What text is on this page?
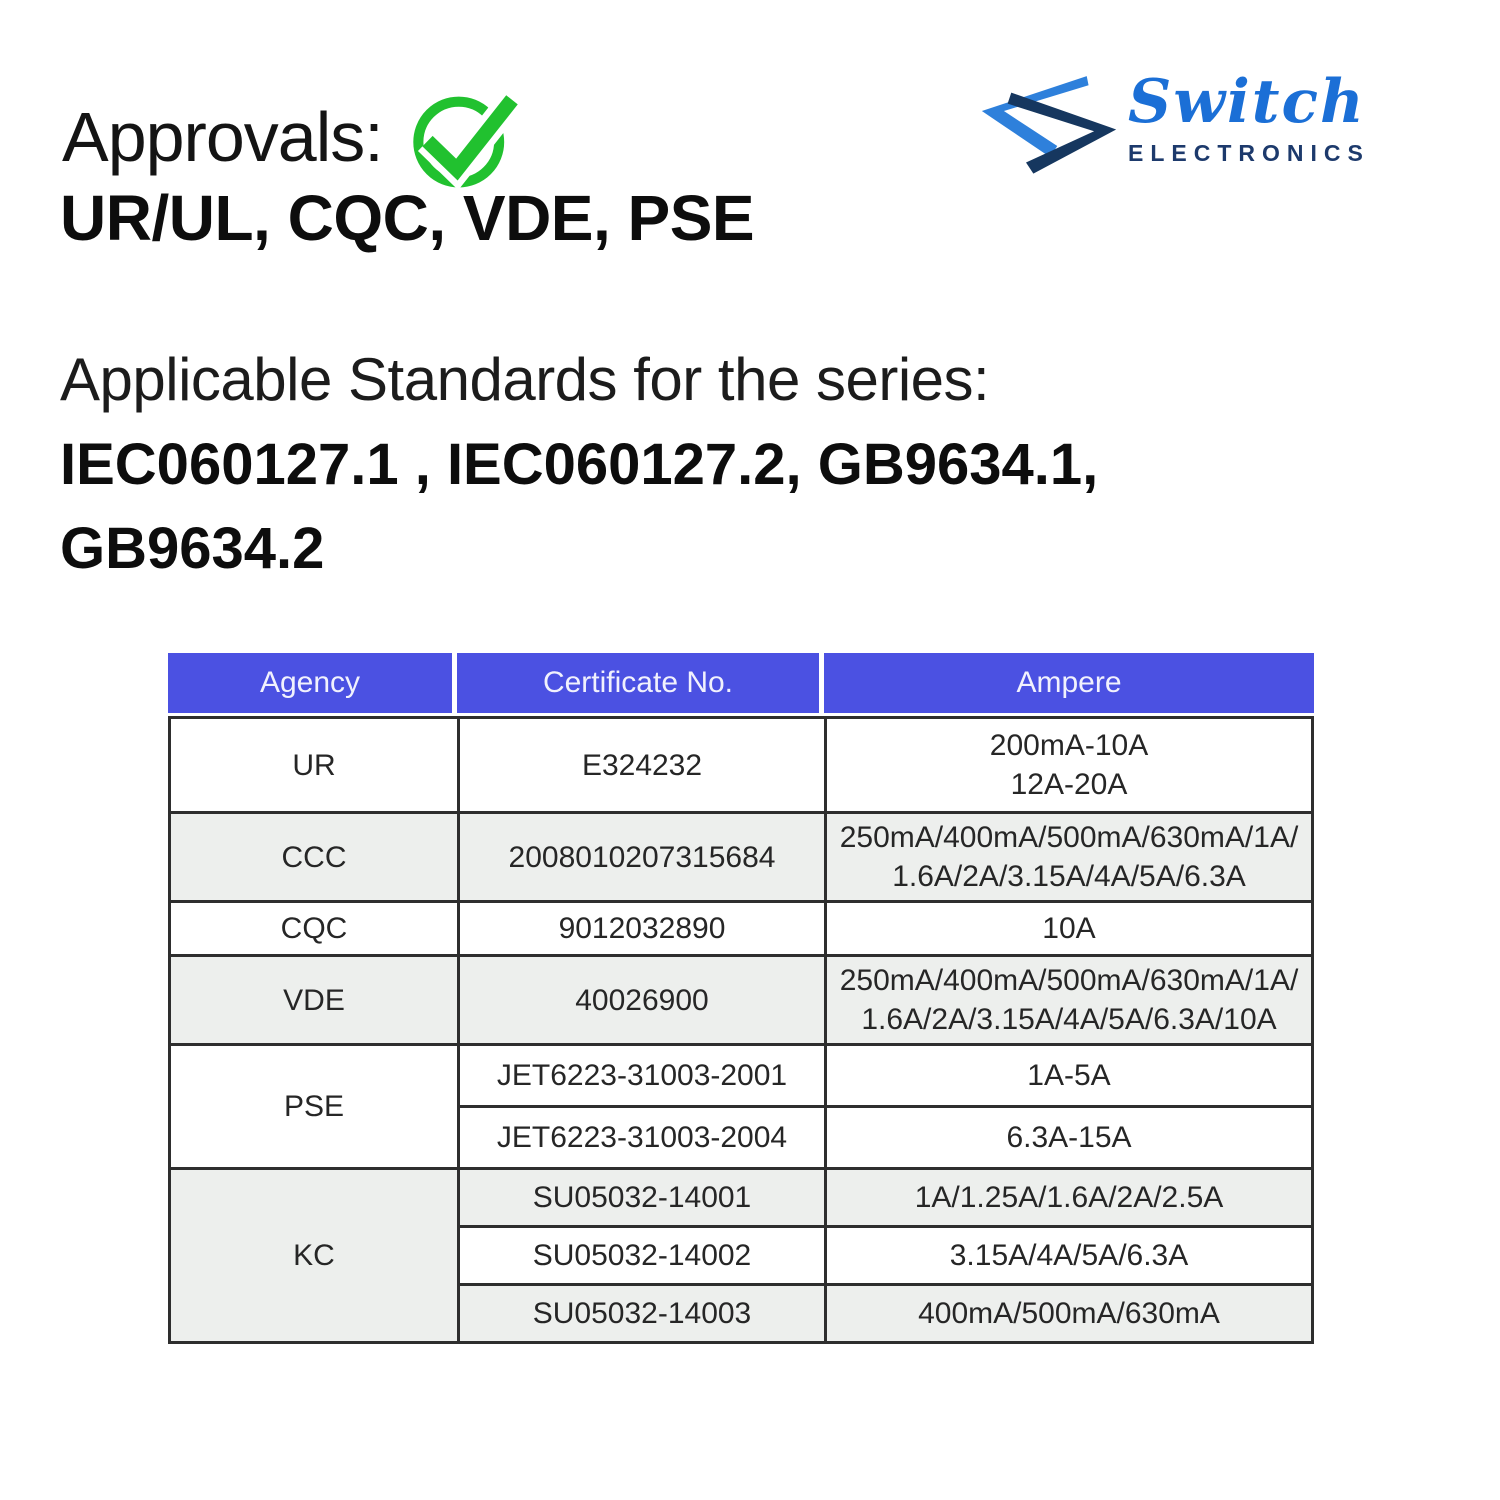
Approvals:
UR/UL, CQC, VDE, PSE
Switch
ELECTRONICS
Applicable Standards for the series:
IEC060127.1 , IEC060127.2, GB9634.1,
GB9634.2
Agency	Certificate No.	Ampere
UR	E324232	200mA-10A
12A-20A

CCC	2008010207315684	250mA/400mA/500mA/630mA/1A/
1.6A/2A/3.15A/4A/5A/6.3A

CQC	9012032890	10A

VDE	40026900	250mA/400mA/500mA/630mA/1A/
1.6A/2A/3.15A/4A/5A/6.3A/10A

PSE	JET6223-31003-2001	1A-5A

	JET6223-31003-2004	6.3A-15A

KC	SU05032-14001	1A/1.25A/1.6A/2A/2.5A

	SU05032-14002	3.15A/4A/5A/6.3A

	SU05032-14003	400mA/500mA/630mA
